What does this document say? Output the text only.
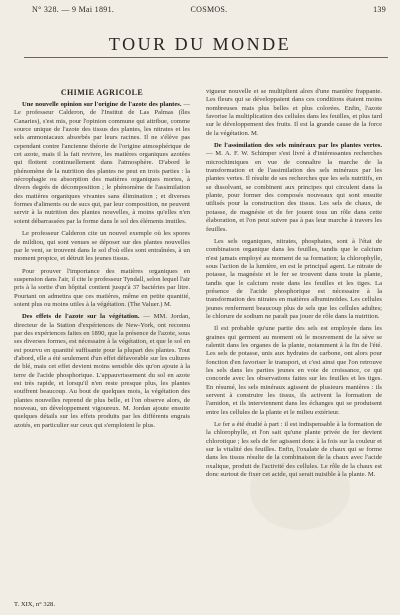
N° 328. — 9 Mai 1891.	COSMOS.	139
TOUR DU MONDE
CHIMIE AGRICOLE

Une nouvelle opinion sur l'origine de l'azote des plantes. — Le professeur Calderon, de l'Institut de Las Palmas (îles Canaries), s'est mis, pour l'opinion commune qui attribue, comme source unique de l'azote des tissus des plantes, les nitrates et les sels ammoniacaux absorbés par leurs racines. Il ne s'élève pas cependant contre l'ancienne théorie de l'origine atmosphérique de cet azote, mais il la fait revivre, les matières organiques azotées qui flottent continuellement dans l'atmosphère. D'abord le phénomène de la nutrition des plantes ne peut en trois parties : la nécrophagie ou absorption des matières organiques mortes, à divers degrés de décomposition ; le phénomène de l'assimilation des matières organiques vivantes sans élimination ; et diverses formes d'aliments ou de sucs qui, par leur composition, ne peuvent servir à la nutrition des plantes nouvelles, à moins qu'elles n'en soient débarrassées par la forme dans le sol des éléments inutiles.

Le professeur Calderon cite un nouvel exemple où les spores de mildiou, qui sont venues se déposer sur des plantes nouvelles par le vent, se trouvent dans le sol d'où elles sont entraînées, à un moment propice, et détruit les jeunes tissus.

Pour prouver l'importance des matières organiques en suspension dans l'air, il cite le professeur Tyndall, selon lequel l'air pris à la sortie d'un hôpital contient jusqu'à 37 bactéries par litre. Pourtant on admettra que ces matières, même en petite quantité, soient plus ou moins utiles à la végétation. (The Valuer.) M.

Des effets de l'azote sur la végétation. — MM. Jordan, directeur de la Station d'expériences de New-York, ont reconnu par des expériences faites en 1890, que la présence de l'azote, sous ses diverses formes, est nécessaire à la végétation, et que le sol en est pourvu en quantité suffisante pour la plupart des plantes. Tout d'abord, elle a été seulement d'un effet défavorable sur les cultures de blé, mais cet effet devient moins sensible dès qu'on ajoute à la terre de l'acide phosphorique. L'appauvrissement du sol en azote est très rapide, et lorsqu'il n'en reste presque plus, les plantes souffrent beaucoup. Au bout de quelques mois, la végétation des plantes nouvelles reprend de plus belle, et l'on observe alors, de nouveau, un développement vigoureux. M. Jordan ajoute ensuite quelques détails sur les effets produits par les différents engrais azotés, en particulier sur ceux qui s'emploient le plus.

vigueur nouvelle et se multiplient alors d'une manière frappante. Les fleurs qui se développaient dans ces conditions étaient moins nombreuses mais plus belles et plus colorées. Enfin, l'azote favorise la multiplication des cellules dans les feuilles, et plus tard sur le développement des fruits. Il est la grande cause de la force de la végétation. M.

De l'assimilation des sels minéraux par les plantes vertes. — M. A. F. W. Schimper s'est livré à d'intéressantes recherches microchimiques en vue de connaître la marche de la transformation et de l'assimilation des sels minéraux par les plantes vertes. Il résulte de ses recherches que les sels nutritifs, en se dissolvant, se combinent aux principes qui circulent dans la plante, pour former des composés nouveaux qui sont ensuite utilisés pour la construction des tissus. Les sels de chaux, de potasse, de magnésie et de fer jouent tous un rôle dans cette élaboration, et l'on peut suivre pas à pas leur marche à travers les feuilles.

Les sels organiques, nitrates, phosphates, sont à l'état de combinaison organique dans les feuilles, tandis que le calcium n'est jamais employé au moment de sa formation; la chlorophylle, sous l'action de la lumière, en est le principal agent. Le nitrate de potasse, la magnésie et le fer se trouvent dans toute la plante, tandis que le calcium reste dans les feuilles et les tiges. La présence de l'acide phosphorique est nécessaire à la transformation des nitrates en matières albuminoïdes. Les cellules jeunes renferment beaucoup plus de sels que les cellules adultes; le chlorure de sodium ne paraît pas jouer de rôle dans la nutrition.

Il est probable qu'une partie des sels est employée dans les graines qui germent au moment où le mouvement de la sève se ralentit dans les organes de la plante, notamment à la fin de l'été. Les sels de potasse, unis aux hydrates de carbone, ont alors pour fonction d'en favoriser le transport, et c'est ainsi que l'on retrouve les sels dans les parties jeunes en voie de croissance, ce qui concorde avec les observations faites sur les feuilles et les tiges. En résumé, les sels minéraux agissent de plusieurs manières : ils servent à construire les tissus, ils activent la formation de l'amidon, et ils interviennent dans les échanges qui se produisent entre les cellules de la plante et le milieu extérieur.

Le fer a été étudié à part : il est indispensable à la formation de la chlorophylle, et l'on sait qu'une plante privée de fer devient chlorotique ; les sels de fer agissent donc à la fois sur la couleur et sur la vitalité des feuilles. Enfin, l'oxalate de chaux qui se forme dans les tissus résulte de la combinaison de la chaux avec l'acide oxalique, produit de l'activité des cellules. Le rôle de la chaux est donc surtout de fixer cet acide, qui serait nuisible à la plante. M.

T. XIX, n° 328.
